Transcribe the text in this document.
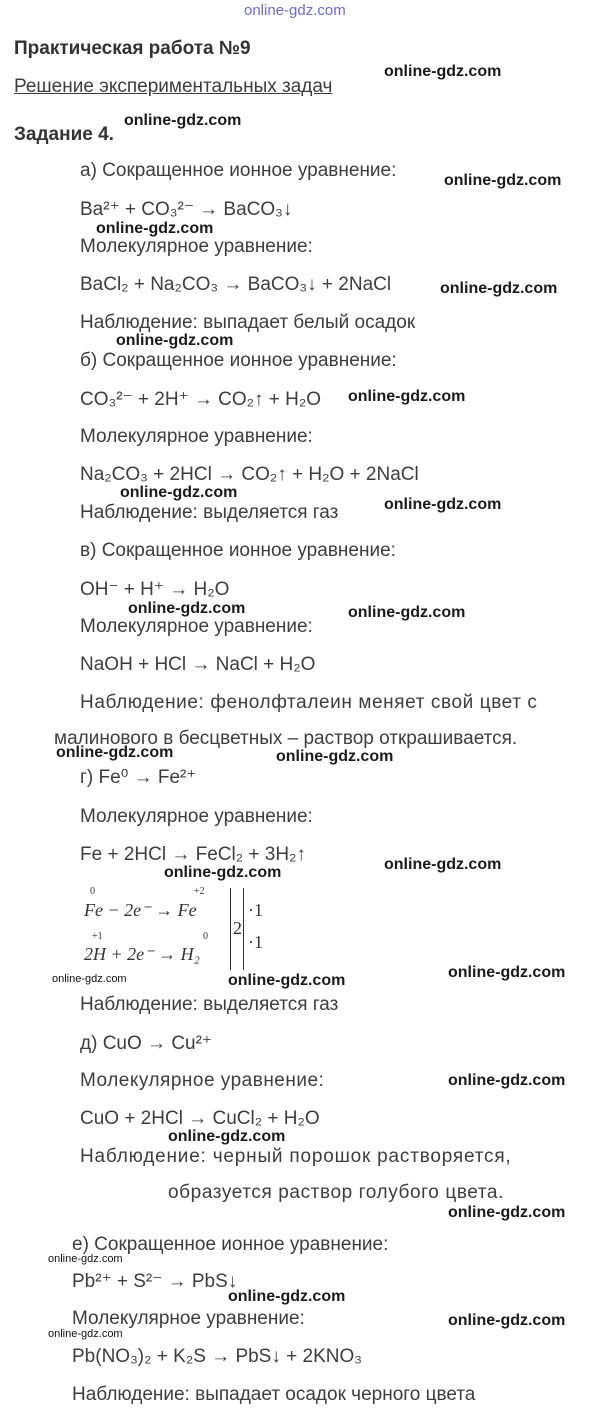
online-gdz.com
Практическая работа №9
Решение экспериментальных задач
Задание 4.
online-gdz.com
online-gdz.com
online-gdz.com
online-gdz.com
online-gdz.com
online-gdz.com
online-gdz.com
online-gdz.com
online-gdz.com
online-gdz.com	online-gdz.com
online-gdz.com	online-gdz.com
online-gdz.com
online-gdz.com
online-gdz.com
online-gdz.com
online-gdz.com
online-gdz.com
online-gdz.com
online-gdz.com
online-gdz.com
online-gdz.com
online-gdz.com
online-gdz.com
а) Сокращенное ионное уравнение:
Ba²⁺ + CO₃²⁻ → BaCO₃↓
Молекулярное уравнение:
BaCl₂ + Na₂CO₃ → BaCO₃↓ + 2NaCl
Наблюдение: выпадает белый осадок
б) Сокращенное ионное уравнение:
CO₃²⁻ + 2H⁺ → CO₂↑ + H₂O
Молекулярное уравнение:
Na₂CO₃ + 2HCl → CO₂↑ + H₂O + 2NaCl
Наблюдение: выделяется газ
в) Сокращенное ионное уравнение:
OH⁻ + H⁺ → H₂O
Молекулярное уравнение:
NaOH + HCl → NaCl + H₂O
Наблюдение: фенолфталеин меняет свой цвет с
малинового в бесцветных – раствор открашивается.
г) Fe⁰ → Fe²⁺
Молекулярное уравнение:
Fe + 2HCl → FeCl₂ + 3H₂↑
Fe − 2e⁻ → Fe
0	+2
2H + 2e⁻ → H₂
+1	0 2
·1
·1
Наблюдение: выделяется газ
д) CuO → Cu²⁺
Молекулярное уравнение:
CuO + 2HCl → CuCl₂ + H₂O
Наблюдение: черный порошок растворяется,
образуется раствор голубого цвета.
е) Сокращенное ионное уравнение:
Pb²⁺ + S²⁻ → PbS↓
Молекулярное уравнение:
Pb(NO₃)₂ + K₂S → PbS↓ + 2KNO₃
Наблюдение: выпадает осадок черного цвета
